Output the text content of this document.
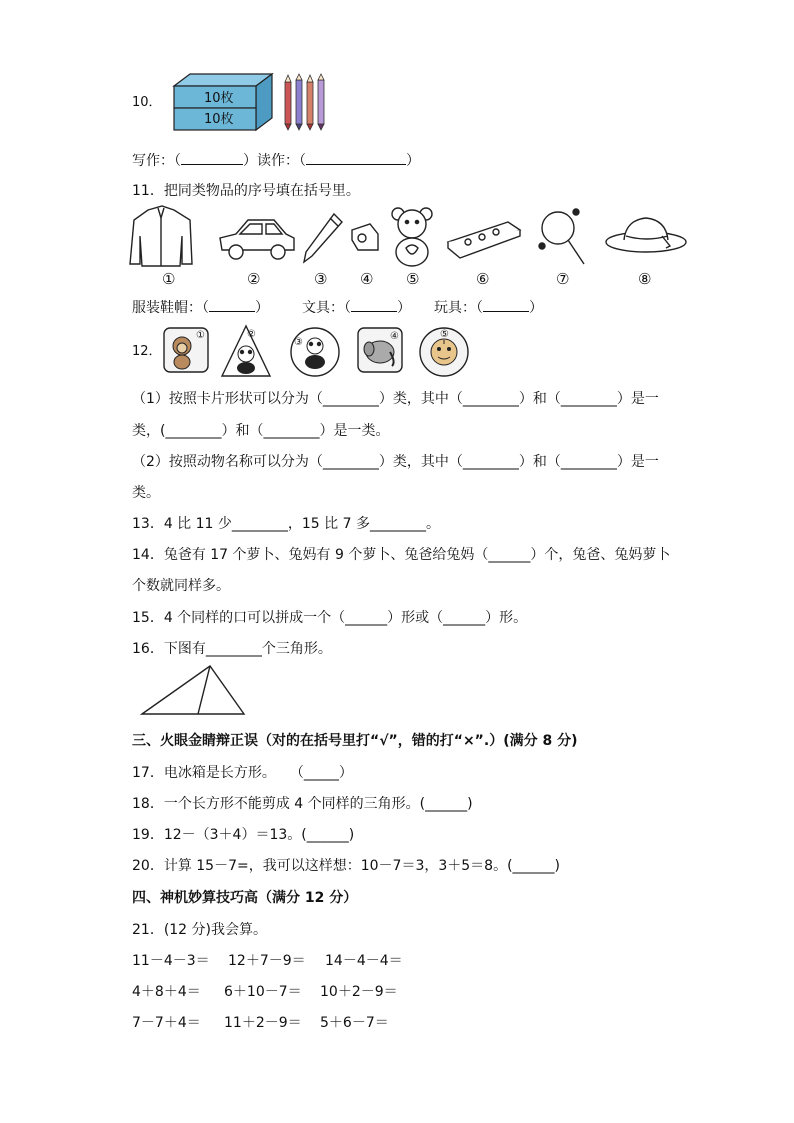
10．	10枚
10枚
写作：（	）读作：（	）
11．把同类物品的序号填在括号里。
①	②	③ ④ ⑤	⑥	⑦	⑧
服装鞋帽：（	） 文具：（	） 玩具：（	）
12．
①	②
③
④	⑤
（1）按照卡片形状可以分为（________）类，其中（________）和（________）是一
类，(________）和（________）是一类。
（2）按照动物名称可以分为（________）类，其中（________）和（________）是一
类。
13．4 比 11 少________，15 比 7 多________。
14．兔爸有 17 个萝卜、兔妈有 9 个萝卜、兔爸给兔妈（______）个，兔爸、兔妈萝卜
个数就同样多。
15．4 个同样的口可以拼成一个（______）形或（______）形。
16．下图有________个三角形。
三、火眼金睛辩正误（对的在括号里打“√”，错的打“×”.）(满分 8 分)
17．电冰箱是长方形。　　（_____）
18．一个长方形不能剪成 4 个同样的三角形。(______)
19．12－（3＋4）＝13。(______)
20．计算 15－7=，我可以这样想：10－7＝3，3＋5＝8。(______)
四、神机妙算技巧高（满分 12 分）
21．(12 分)我会算。
11－4－3＝ 12＋7－9＝ 14－4－4＝
4＋8＋4＝ 6＋10－7＝ 10＋2－9＝
7－7＋4＝ 11＋2－9＝ 5＋6－7＝
